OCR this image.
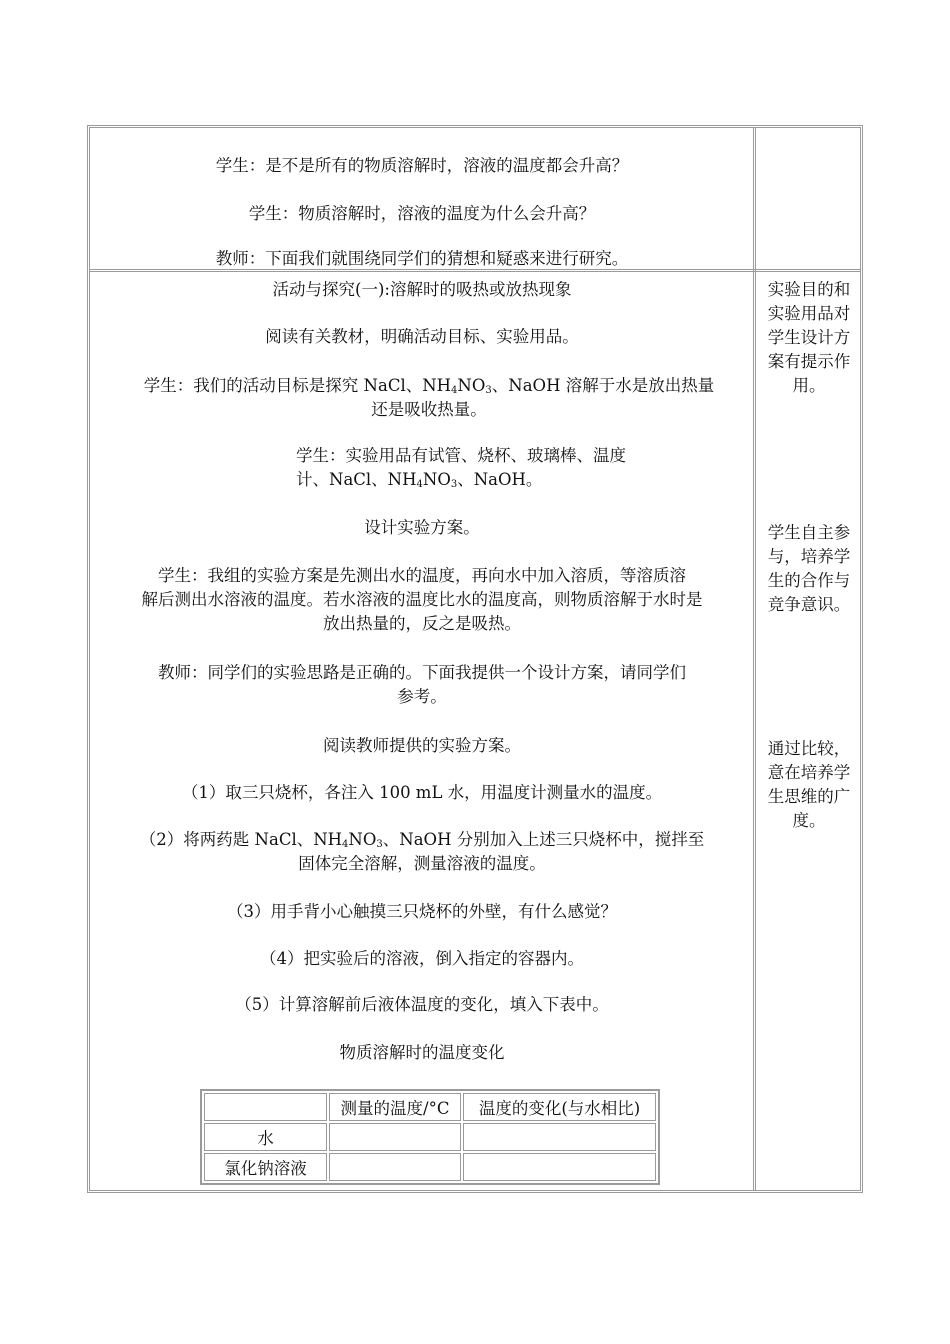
学生：是不是所有的物质溶解时，溶液的温度都会升高？

学生：物质溶解时，溶液的温度为什么会升高？

教师：下面我们就围绕同学们的猜想和疑惑来进行研究。

活动与探究(一):溶解时的吸热或放热现象

阅读有关教材，明确活动目标、实验用品。

学生：我们的活动目标是探究 NaCl、$NH_4NO_3$、NaOH 溶解于水是放出热量

还是吸收热量。

学生：实验用品有试管、烧杯、玻璃棒、温度

计、NaCl、$NH_4NO_3$、NaOH。

设计实验方案。

学生：我组的实验方案是先测出水的温度，再向水中加入溶质，等溶质溶

解后测出水溶液的温度。若水溶液的温度比水的温度高，则物质溶解于水时是

放出热量的，反之是吸热。

教师：同学们的实验思路是正确的。下面我提供一个设计方案，请同学们

参考。

阅读教师提供的实验方案。

（1）取三只烧杯，各注入 100 mL 水，用温度计测量水的温度。

（2）将两药匙 NaCl、$NH_4NO_3$、NaOH 分别加入上述三只烧杯中，搅拌至

固体完全溶解，测量溶液的温度。

（3）用手背小心触摸三只烧杯的外壁，有什么感觉？

（4）把实验后的溶液，倒入指定的容器内。

（5）计算溶解前后液体温度的变化，填入下表中。

物质溶解时的温度变化

	测量的温度/°C	温度的变化(与水相比)
水		
氯化钠溶液		

实验目的和

实验用品对

学生设计方

案有提示作

用。

学生自主参

与，培养学

生的合作与

竞争意识。

通过比较，

意在培养学

生思维的广

度。
